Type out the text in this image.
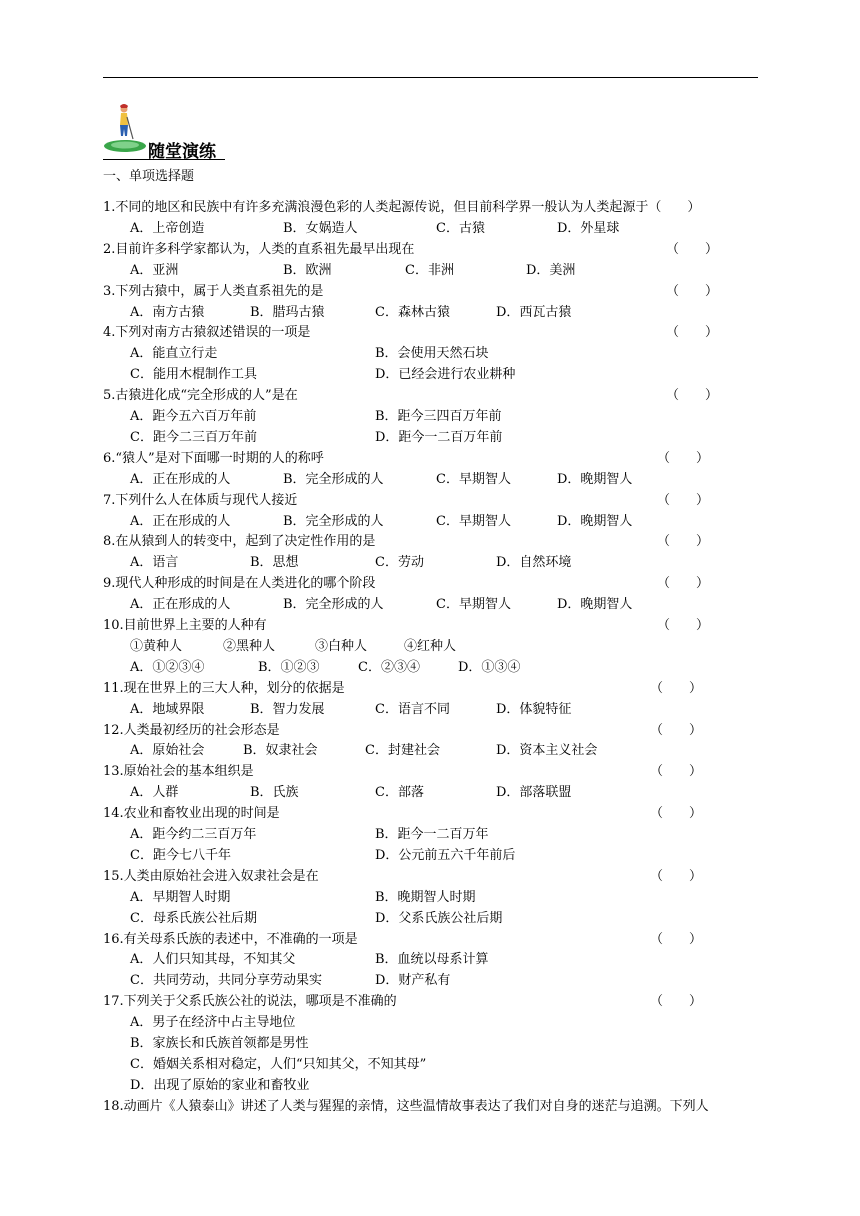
随堂演练
一、单项选择题
1.不同的地区和民族中有许多充满浪漫色彩的人类起源传说，但目前科学界一般认为人类起源于（　　）
A．上帝创造	B．女娲造人	C．古猿	D．外星球
2.目前许多科学家都认为，人类的直系祖先最早出现在	（　　）
A．亚洲	B．欧洲	C．非洲	D．美洲
3.下列古猿中，属于人类直系祖先的是	（　　）
A．南方古猿	B．腊玛古猿	C．森林古猿	D．西瓦古猿
4.下列对南方古猿叙述错误的一项是	（　　）
A．能直立行走	B．会使用天然石块
C．能用木棍制作工具	D．已经会进行农业耕种
5.古猿进化成“完全形成的人”是在	（　　）
A．距今五六百万年前	B．距今三四百万年前
C．距今二三百万年前	D．距今一二百万年前
6.“猿人”是对下面哪一时期的人的称呼	（　　）
A．正在形成的人	B．完全形成的人	C．早期智人	D．晚期智人
7.下列什么人在体质与现代人接近	（　　）
A．正在形成的人	B．完全形成的人	C．早期智人	D．晚期智人
8.在从猿到人的转变中，起到了决定性作用的是	（　　）
A．语言	B．思想	C．劳动	D．自然环境
9.现代人种形成的时间是在人类进化的哪个阶段	（　　）
A．正在形成的人	B．完全形成的人	C．早期智人	D．晚期智人
10.目前世界上主要的人种有	（　　）
①黄种人	②黑种人	③白种人	④红种人
A．①②③④	B．①②③	C．②③④	D．①③④
11.现在世界上的三大人种，划分的依据是	（　　）
A．地域界限	B．智力发展	C．语言不同	D．体貌特征
12.人类最初经历的社会形态是	（　　）
A．原始社会	B．奴隶社会	C．封建社会	D．资本主义社会
13.原始社会的基本组织是	（　　）
A．人群	B．氏族	C．部落	D．部落联盟
14.农业和畜牧业出现的时间是	（　　）
A．距今约二三百万年	B．距今一二百万年
C．距今七八千年	D．公元前五六千年前后
15.人类由原始社会进入奴隶社会是在	（　　）
A．早期智人时期	B．晚期智人时期
C．母系氏族公社后期	D．父系氏族公社后期
16.有关母系氏族的表述中，不准确的一项是	（　　）
A．人们只知其母，不知其父	B．血统以母系计算
C．共同劳动，共同分享劳动果实	D．财产私有
17.下列关于父系氏族公社的说法，哪项是不准确的	（　　）
A．男子在经济中占主导地位
B．家族长和氏族首领都是男性
C．婚姻关系相对稳定，人们“只知其父，不知其母”
D．出现了原始的家业和畜牧业
18.动画片《人猿泰山》讲述了人类与猩猩的亲情，这些温情故事表达了我们对自身的迷茫与追溯。下列人
